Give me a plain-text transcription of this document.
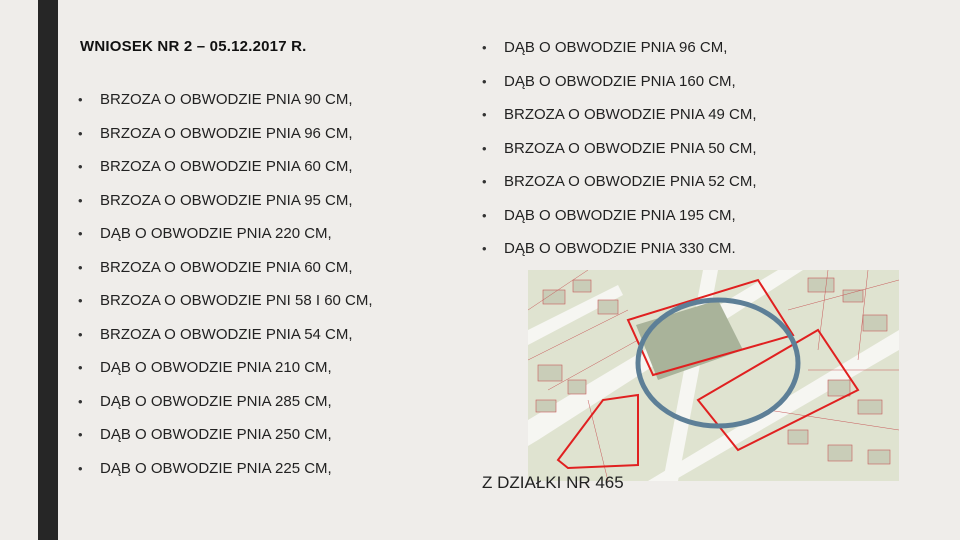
WNIOSEK NR 2 – 05.12.2017 R.
• BRZOZA O OBWODZIE PNIA 90 CM,
• BRZOZA O OBWODZIE PNIA 96 CM,
• BRZOZA O OBWODZIE PNIA 60 CM,
• BRZOZA O OBWODZIE PNIA 95 CM,
• DĄB O OBWODZIE PNIA 220 CM,
• BRZOZA O OBWODZIE PNIA 60 CM,
• BRZOZA O OBWODZIE PNI 58 I 60 CM,
• BRZOZA O OBWODZIE PNIA 54 CM,
• DĄB O OBWODZIE PNIA 210 CM,
• DĄB O OBWODZIE PNIA 285 CM,
• DĄB O OBWODZIE PNIA 250 CM,
• DĄB O OBWODZIE PNIA 225 CM,
• DĄB O OBWODZIE PNIA 96 CM,
• DĄB O OBWODZIE PNIA 160 CM,
• BRZOZA O OBWODZIE PNIA 49 CM,
• BRZOZA O OBWODZIE PNIA 50 CM,
• BRZOZA O OBWODZIE PNIA 52 CM,
• DĄB O OBWODZIE PNIA 195 CM,
• DĄB O OBWODZIE PNIA 330 CM.
Z DZIAŁKI NR 465
